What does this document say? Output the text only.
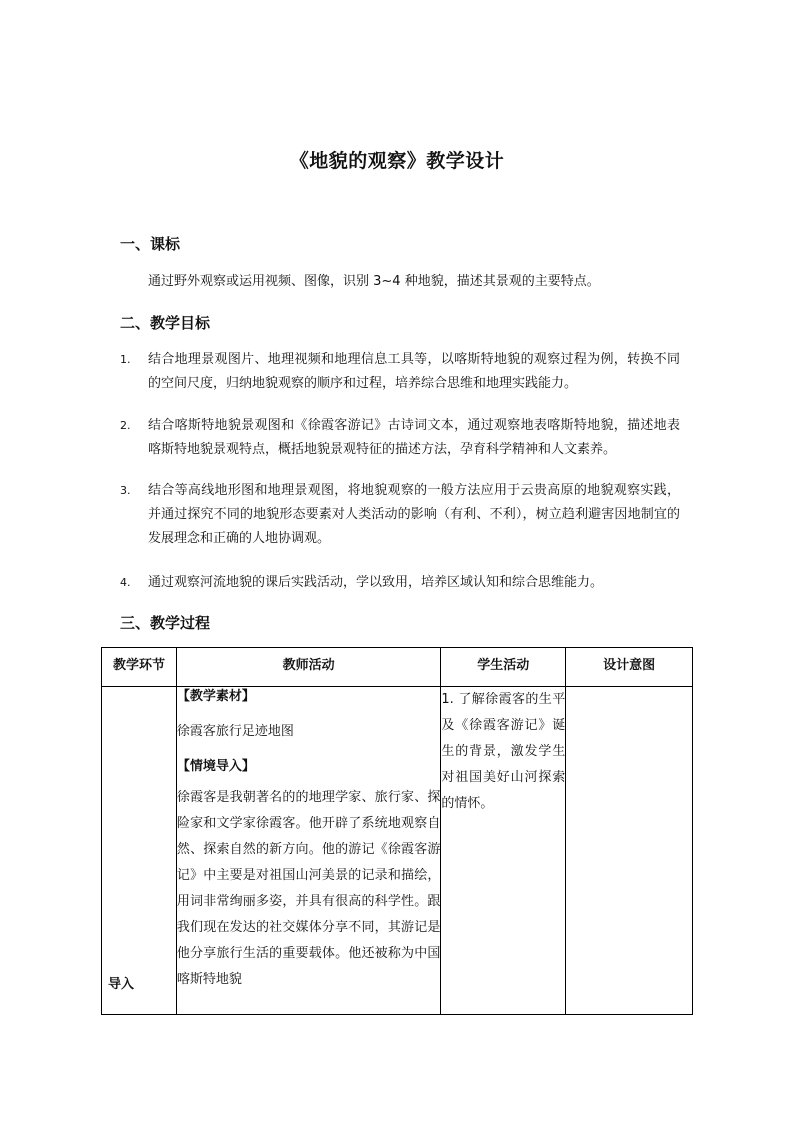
《地貌的观察》教学设计
一、课标
通过野外观察或运用视频、图像，识别 3~4 种地貌，描述其景观的主要特点。
二、教学目标
1.	结合地理景观图片、地理视频和地理信息工具等，以喀斯特地貌的观察过程为例，转换不同的空间尺度，归纳地貌观察的顺序和过程，培养综合思维和地理实践能力。
2.	结合喀斯特地貌景观图和《徐霞客游记》古诗词文本，通过观察地表喀斯特地貌，描述地表喀斯特地貌景观特点，概括地貌景观特征的描述方法，孕育科学精神和人文素养。
3.	结合等高线地形图和地理景观图，将地貌观察的一般方法应用于云贵高原的地貌观察实践，并通过探究不同的地貌形态要素对人类活动的影响（有利、不利），树立趋利避害因地制宜的发展理念和正确的人地协调观。
4.	通过观察河流地貌的课后实践活动，学以致用，培养区域认知和综合思维能力。
三、教学过程
教学环节	教师活动	学生活动	设计意图
导入	【教学素材】

徐霞客旅行足迹地图

【情境导入】

徐霞客是我朝著名的的地理学家、旅行家、探险家和文学家徐霞客。他开辟了系统地观察自然、探索自然的新方向。他的游记《徐霞客游记》中主要是对祖国山河美景的记录和描绘，用词非常绚丽多姿，并具有很高的科学性。跟我们现在发达的社交媒体分享不同，其游记是他分享旅行生活的重要载体。他还被称为中国喀斯特地貌	1. 了解徐霞客的生平及《徐霞客游记》诞生的背景，激发学生对祖国美好山河探索的情怀。	
